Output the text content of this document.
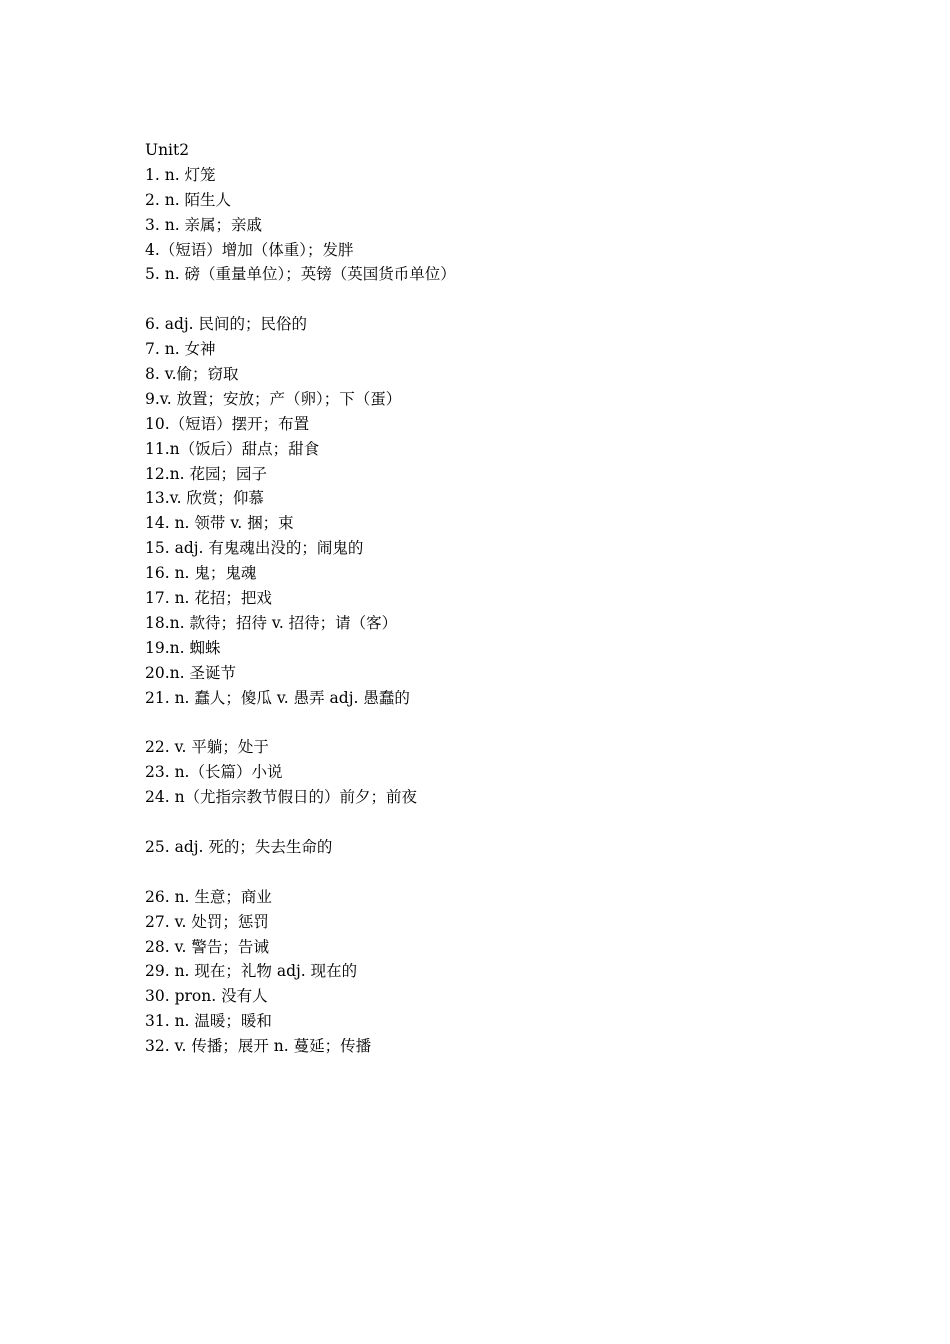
Unit2
1. n. 灯笼
2. n. 陌生人
3. n. 亲属；亲戚
4.（短语）增加（体重）；发胖
5. n. 磅（重量单位）；英镑（英国货币单位）
6. adj. 民间的；民俗的
7. n. 女神
8. v.偷；窃取
9.v. 放置；安放；产（卵）；下（蛋）
10.（短语）摆开；布置
11.n（饭后）甜点；甜食
12.n. 花园；园子
13.v. 欣赏；仰慕
14. n. 领带 v. 捆；束
15. adj. 有鬼魂出没的；闹鬼的
16. n. 鬼；鬼魂
17. n. 花招；把戏
18.n. 款待；招待 v. 招待；请（客）
19.n. 蜘蛛
20.n. 圣诞节
21. n. 蠢人；傻瓜 v. 愚弄 adj. 愚蠢的
22. v. 平躺；处于
23. n.（长篇）小说
24. n（尤指宗教节假日的）前夕；前夜
25. adj. 死的；失去生命的
26. n. 生意；商业
27. v. 处罚；惩罚
28. v. 警告；告诫
29. n. 现在；礼物 adj. 现在的
30. pron. 没有人
31. n. 温暖；暖和
32. v. 传播；展开 n. 蔓延；传播
